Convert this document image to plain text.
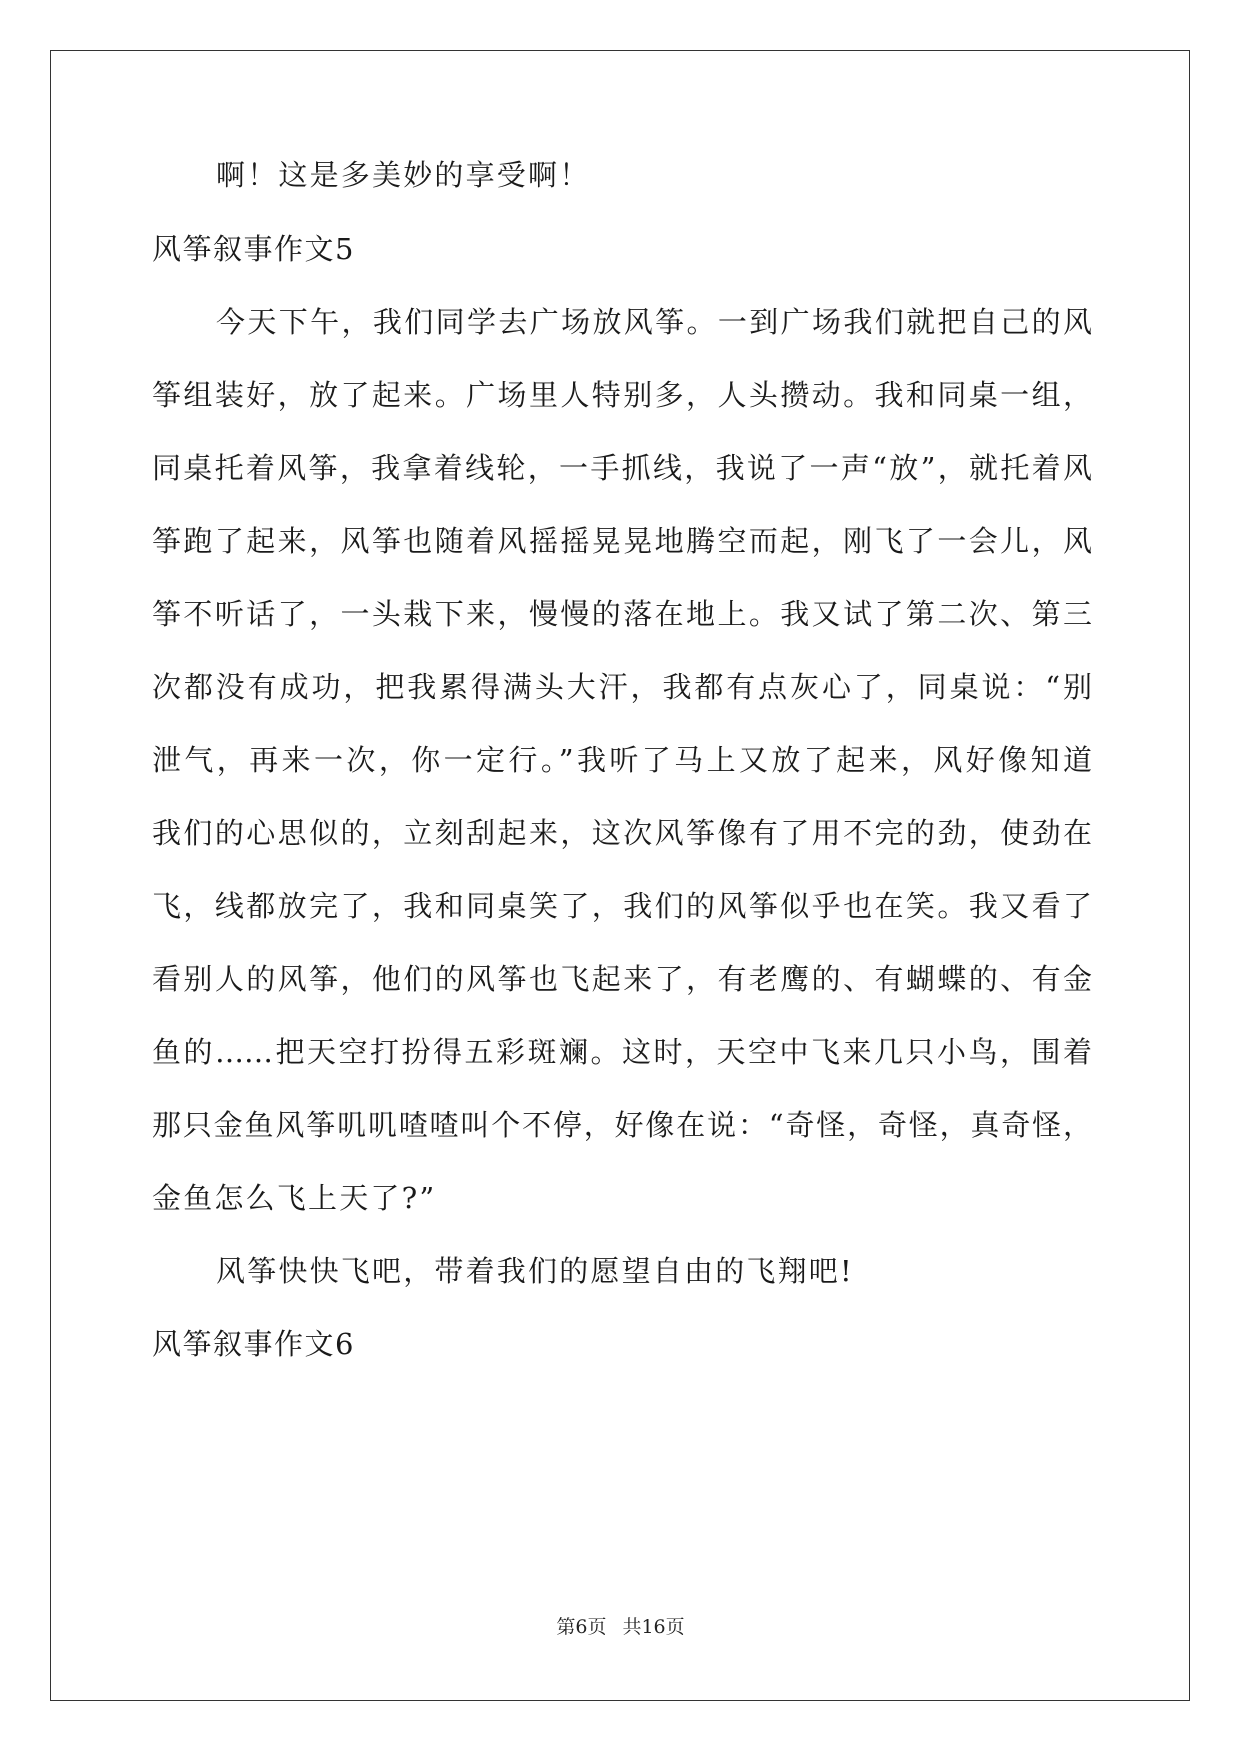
啊！这是多美妙的享受啊！
风筝叙事作文5
今天下午，我们同学去广场放风筝。一到广场我们就把自己的风
筝组装好，放了起来。广场里人特别多，人头攒动。我和同桌一组，
同桌托着风筝，我拿着线轮，一手抓线，我说了一声“放”，就托着风
筝跑了起来，风筝也随着风摇摇晃晃地腾空而起，刚飞了一会儿，风
筝不听话了，一头栽下来，慢慢的落在地上。我又试了第二次、第三
次都没有成功，把我累得满头大汗，我都有点灰心了，同桌说：“别
泄气，再来一次，你一定行。”我听了马上又放了起来，风好像知道
我们的心思似的，立刻刮起来，这次风筝像有了用不完的劲，使劲在
飞，线都放完了，我和同桌笑了，我们的风筝似乎也在笑。我又看了
看别人的风筝，他们的风筝也飞起来了，有老鹰的、有蝴蝶的、有金
鱼的……把天空打扮得五彩斑斓。这时，天空中飞来几只小鸟，围着
那只金鱼风筝叽叽喳喳叫个不停，好像在说：“奇怪，奇怪，真奇怪，
金鱼怎么飞上天了?”
风筝快快飞吧，带着我们的愿望自由的飞翔吧!
风筝叙事作文6
第6页 共16页
